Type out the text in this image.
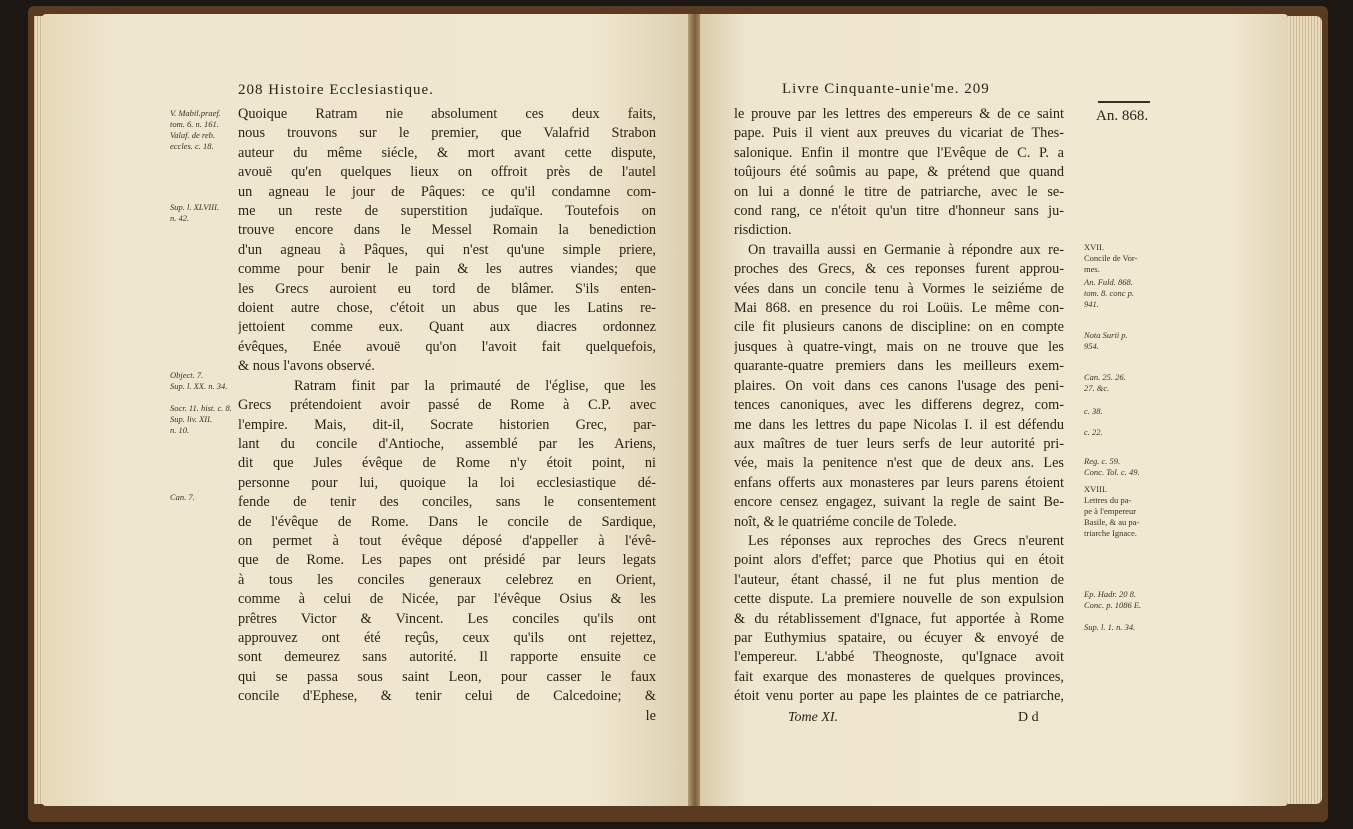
208 Histoire Ecclesiastique.
Quoique Ratram nie absolument ces deux faits,
nous trouvons sur le premier, que Valafrid Strabon
auteur du même siécle, & mort avant cette dispute,
avouë qu'en quelques lieux on offroit près de l'autel
un agneau le jour de Pâques: ce qu'il condamne com-
me un reste de superstition judaïque. Toutefois on
trouve encore dans le Messel Romain la benediction
d'un agneau à Pâques, qui n'est qu'une simple priere,
comme pour benir le pain & les autres viandes; que
les Grecs auroient eu tord de blâmer. S'ils enten-
doient autre chose, c'étoit un abus que les Latins re-
jettoient comme eux. Quant aux diacres ordonnez
évêques, Enée avouë qu'on l'avoit fait quelquefois,
& nous l'avons observé.
Ratram finit par la primauté de l'église, que les
Grecs prétendoient avoir passé de Rome à C.P. avec
l'empire. Mais, dit-il, Socrate historien Grec, par-
lant du concile d'Antioche, assemblé par les Ariens,
dit que Jules évêque de Rome n'y étoit point, ni
personne pour lui, quoique la loi ecclesiastique dé-
fende de tenir des conciles, sans le consentement
de l'évêque de Rome. Dans le concile de Sardique,
on permet à tout évêque déposé d'appeller à l'évê-
que de Rome. Les papes ont présidé par leurs legats
à tous les conciles generaux celebrez en Orient,
comme à celui de Nicée, par l'évêque Osius & les
prêtres Victor & Vincent. Les conciles qu'ils ont
approuvez ont été reçûs, ceux qu'ils ont rejettez,
sont demeurez sans autorité. Il rapporte ensuite ce
qui se passa sous saint Leon, pour casser le faux
concile d'Ephese, & tenir celui de Calcedoine; &
le
V. Mabil.praef.
tom. 6. n. 161.
Valaf. de reb.
eccles. c. 18.
Sup. l. XLVIII.
n. 42.
Object. 7.
Sup. l. XX. n. 34.
Socr. 11. hist. c. 8.
Sup. liv. XII.
n. 10.
Can. 7.
Livre Cinquante-unie'me. 209
An. 868.
le prouve par les lettres des empereurs & de ce saint
pape. Puis il vient aux preuves du vicariat de Thes-
salonique. Enfin il montre que l'Evêque de C. P. a
toûjours été soûmis au pape, & prétend que quand
on lui a donné le titre de patriarche, avec le se-
cond rang, ce n'étoit qu'un titre d'honneur sans ju-
risdiction.
On travailla aussi en Germanie à répondre aux re-
proches des Grecs, & ces reponses furent approu-
vées dans un concile tenu à Vormes le seiziéme de
Mai 868. en presence du roi Loüis. Le même con-
cile fit plusieurs canons de discipline: on en compte
jusques à quatre-vingt, mais on ne trouve que les
quarante-quatre premiers dans les meilleurs exem-
plaires. On voit dans ces canons l'usage des peni-
tences canoniques, avec les differens degrez, com-
me dans les lettres du pape Nicolas I. il est défendu
aux maîtres de tuer leurs serfs de leur autorité pri-
vée, mais la penitence n'est que de deux ans. Les
enfans offerts aux monasteres par leurs parens étoient
encore censez engagez, suivant la regle de saint Be-
noît, & le quatriéme concile de Tolede.
Les réponses aux reproches des Grecs n'eurent
point alors d'effet; parce que Photius qui en étoit
l'auteur, étant chassé, il ne fut plus mention de
cette dispute. La premiere nouvelle de son expulsion
& du rétablissement d'Ignace, fut apportée à Rome
par Euthymius spataire, ou écuyer & envoyé de
l'empereur. L'abbé Theognoste, qu'Ignace avoit
fait exarque des monasteres de quelques provinces,
étoit venu porter au pape les plaintes de ce patriarche,
Tome XI.	D d
XVII.
Concile de Vor-
mes.
An. Fuld. 868.
tom. 8. conc p.
941.
Nota Surii p.
954.
Can. 25. 26.
27. &c.
c. 38.
c. 22.
Reg. c. 59.
Conc. Tol. c. 49.
XVIII.
Lettres du pa-
pe à l'empereur
Basile, & au pa-
triarche Ignace.
Ep. Hadr. 20 8.
Conc. p. 1086 E.
Sup. l. 1. n. 34.
